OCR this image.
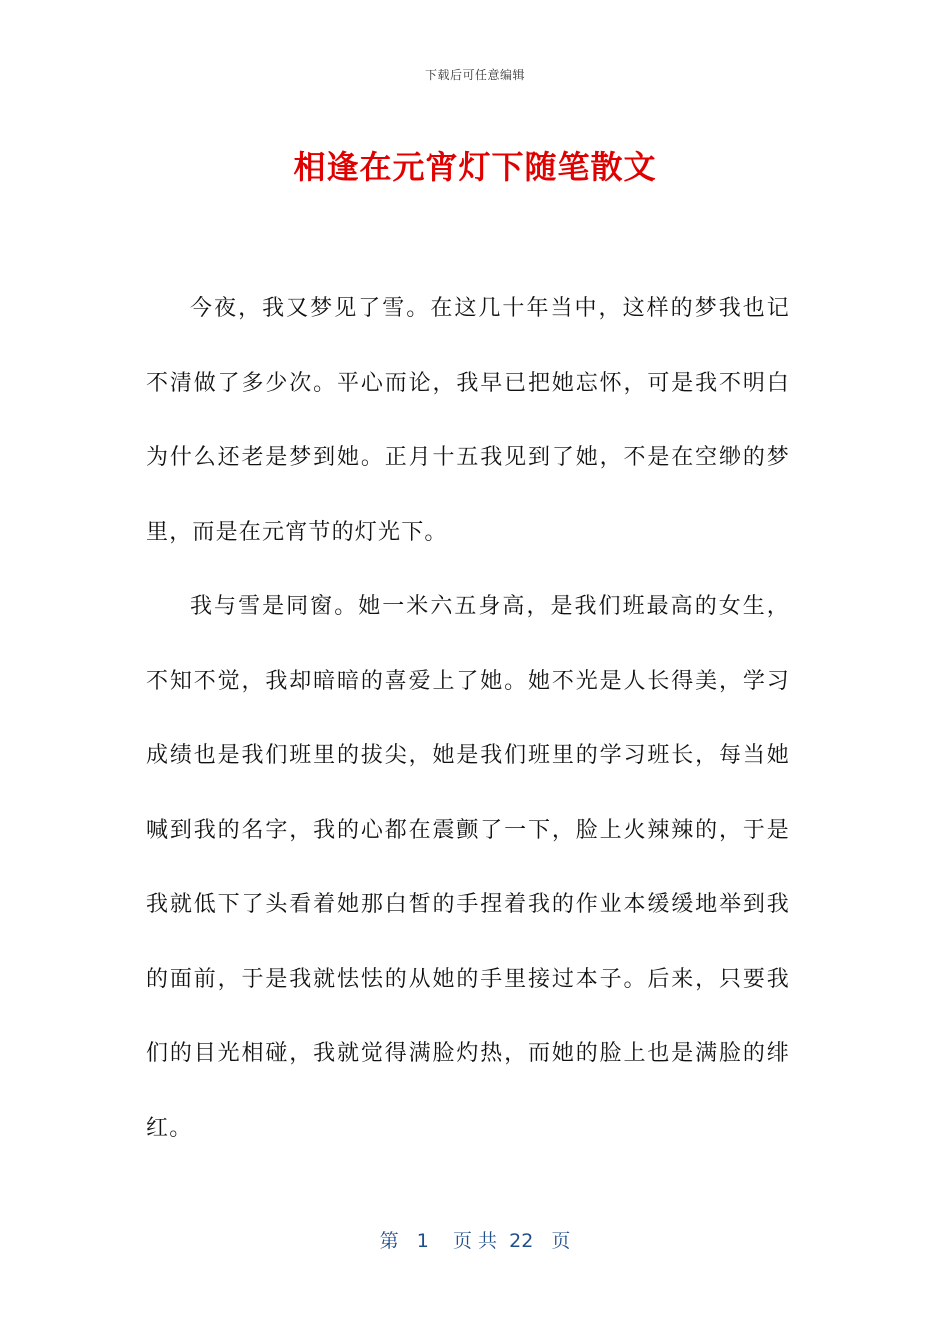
下载后可任意编辑
相逢在元宵灯下随笔散文

今夜，我又梦见了雪。在这几十年当中，这样的梦我也记不清做了多少次。平心而论，我早已把她忘怀，可是我不明白为什么还老是梦到她。正月十五我见到了她，不是在空缈的梦里，而是在元宵节的灯光下。

我与雪是同窗。她一米六五身高，是我们班最高的女生，不知不觉，我却暗暗的喜爱上了她。她不光是人长得美，学习成绩也是我们班里的拔尖，她是我们班里的学习班长，每当她喊到我的名字，我的心都在震颤了一下，脸上火辣辣的，于是我就低下了头看着她那白皙的手捏着我的作业本缓缓地举到我的面前，于是我就怯怯的从她的手里接过本子。后来，只要我们的目光相碰，我就觉得满脸灼热，而她的脸上也是满脸的绯红。

第 1 页 共 22 页
